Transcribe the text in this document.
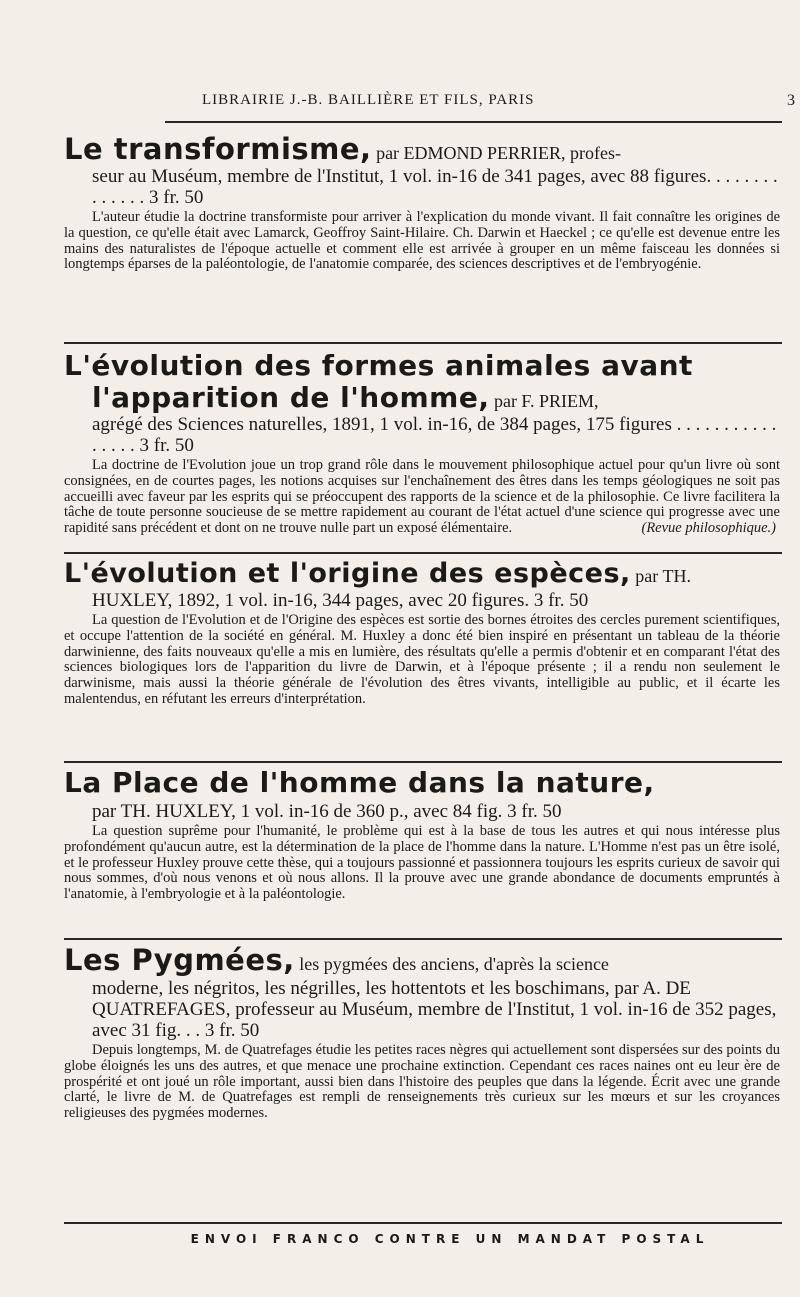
LIBRAIRIE J.-B. BAILLIÈRE ET FILS, PARIS	3
Le transformisme, par EDMOND PERRIER, profes-
seur au Muséum, membre de l'Institut, 1 vol. in-16 de 341 pages, avec 88 figures. . . . . . . . . . . . . . 3 fr. 50
L'auteur étudie la doctrine transformiste pour arriver à l'explication du monde vivant. Il fait connaître les origines de la question, ce qu'elle était avec Lamarck, Geoffroy Saint-Hilaire. Ch. Darwin et Haeckel ; ce qu'elle est devenue entre les mains des naturalistes de l'époque actuelle et comment elle est arrivée à grouper en un même faisceau les données si longtemps éparses de la paléontologie, de l'anatomie comparée, des sciences descriptives et de l'embryogénie.
L'évolution des formes animales avant
l'apparition de l'homme, par F. PRIEM,
agrégé des Sciences naturelles, 1891, 1 vol. in-16, de 384 pages, 175 figures . . . . . . . . . . . . . . . . 3 fr. 50
La doctrine de l'Evolution joue un trop grand rôle dans le mouvement philosophique actuel pour qu'un livre où sont consignées, en de courtes pages, les notions acquises sur l'enchaînement des êtres dans les temps géologiques ne soit pas accueilli avec faveur par les esprits qui se préoccupent des rapports de la science et de la philosophie. Ce livre facilitera la tâche de toute personne soucieuse de se mettre rapidement au courant de l'état actuel d'une science qui progresse avec une rapidité sans précédent et dont on ne trouve nulle part un exposé élémentaire.	(Revue philosophique.)
L'évolution et l'origine des espèces, par TH.
HUXLEY, 1892, 1 vol. in-16, 344 pages, avec 20 figures. 3 fr. 50
La question de l'Evolution et de l'Origine des espèces est sortie des bornes étroites des cercles purement scientifiques, et occupe l'attention de la société en général. M. Huxley a donc été bien inspiré en présentant un tableau de la théorie darwinienne, des faits nouveaux qu'elle a mis en lumière, des résultats qu'elle a permis d'obtenir et en comparant l'état des sciences biologiques lors de l'apparition du livre de Darwin, et à l'époque présente ; il a rendu non seulement le darwinisme, mais aussi la théorie générale de l'évolution des êtres vivants, intelligible au public, et il écarte les malentendus, en réfutant les erreurs d'interprétation.
La Place de l'homme dans la nature,
par TH. HUXLEY, 1 vol. in-16 de 360 p., avec 84 fig. 3 fr. 50
La question suprême pour l'humanité, le problème qui est à la base de tous les autres et qui nous intéresse plus profondément qu'aucun autre, est la détermination de la place de l'homme dans la nature. L'Homme n'est pas un être isolé, et le professeur Huxley prouve cette thèse, qui a toujours passionné et passionnera toujours les esprits curieux de savoir qui nous sommes, d'où nous venons et où nous allons. Il la prouve avec une grande abondance de documents empruntés à l'anatomie, à l'embryologie et à la paléontologie.
Les Pygmées, les pygmées des anciens, d'après la science
moderne, les négritos, les négrilles, les hottentots et les boschimans, par A. DE QUATREFAGES, professeur au Muséum, membre de l'Institut, 1 vol. in-16 de 352 pages, avec 31 fig. . . 3 fr. 50
Depuis longtemps, M. de Quatrefages étudie les petites races nègres qui actuellement sont dispersées sur des points du globe éloignés les uns des autres, et que menace une prochaine extinction. Cependant ces races naines ont eu leur ère de prospérité et ont joué un rôle important, aussi bien dans l'histoire des peuples que dans la légende. Écrit avec une grande clarté, le livre de M. de Quatrefages est rempli de renseignements très curieux sur les mœurs et sur les croyances religieuses des pygmées modernes.
ENVOI FRANCO CONTRE UN MANDAT POSTAL
